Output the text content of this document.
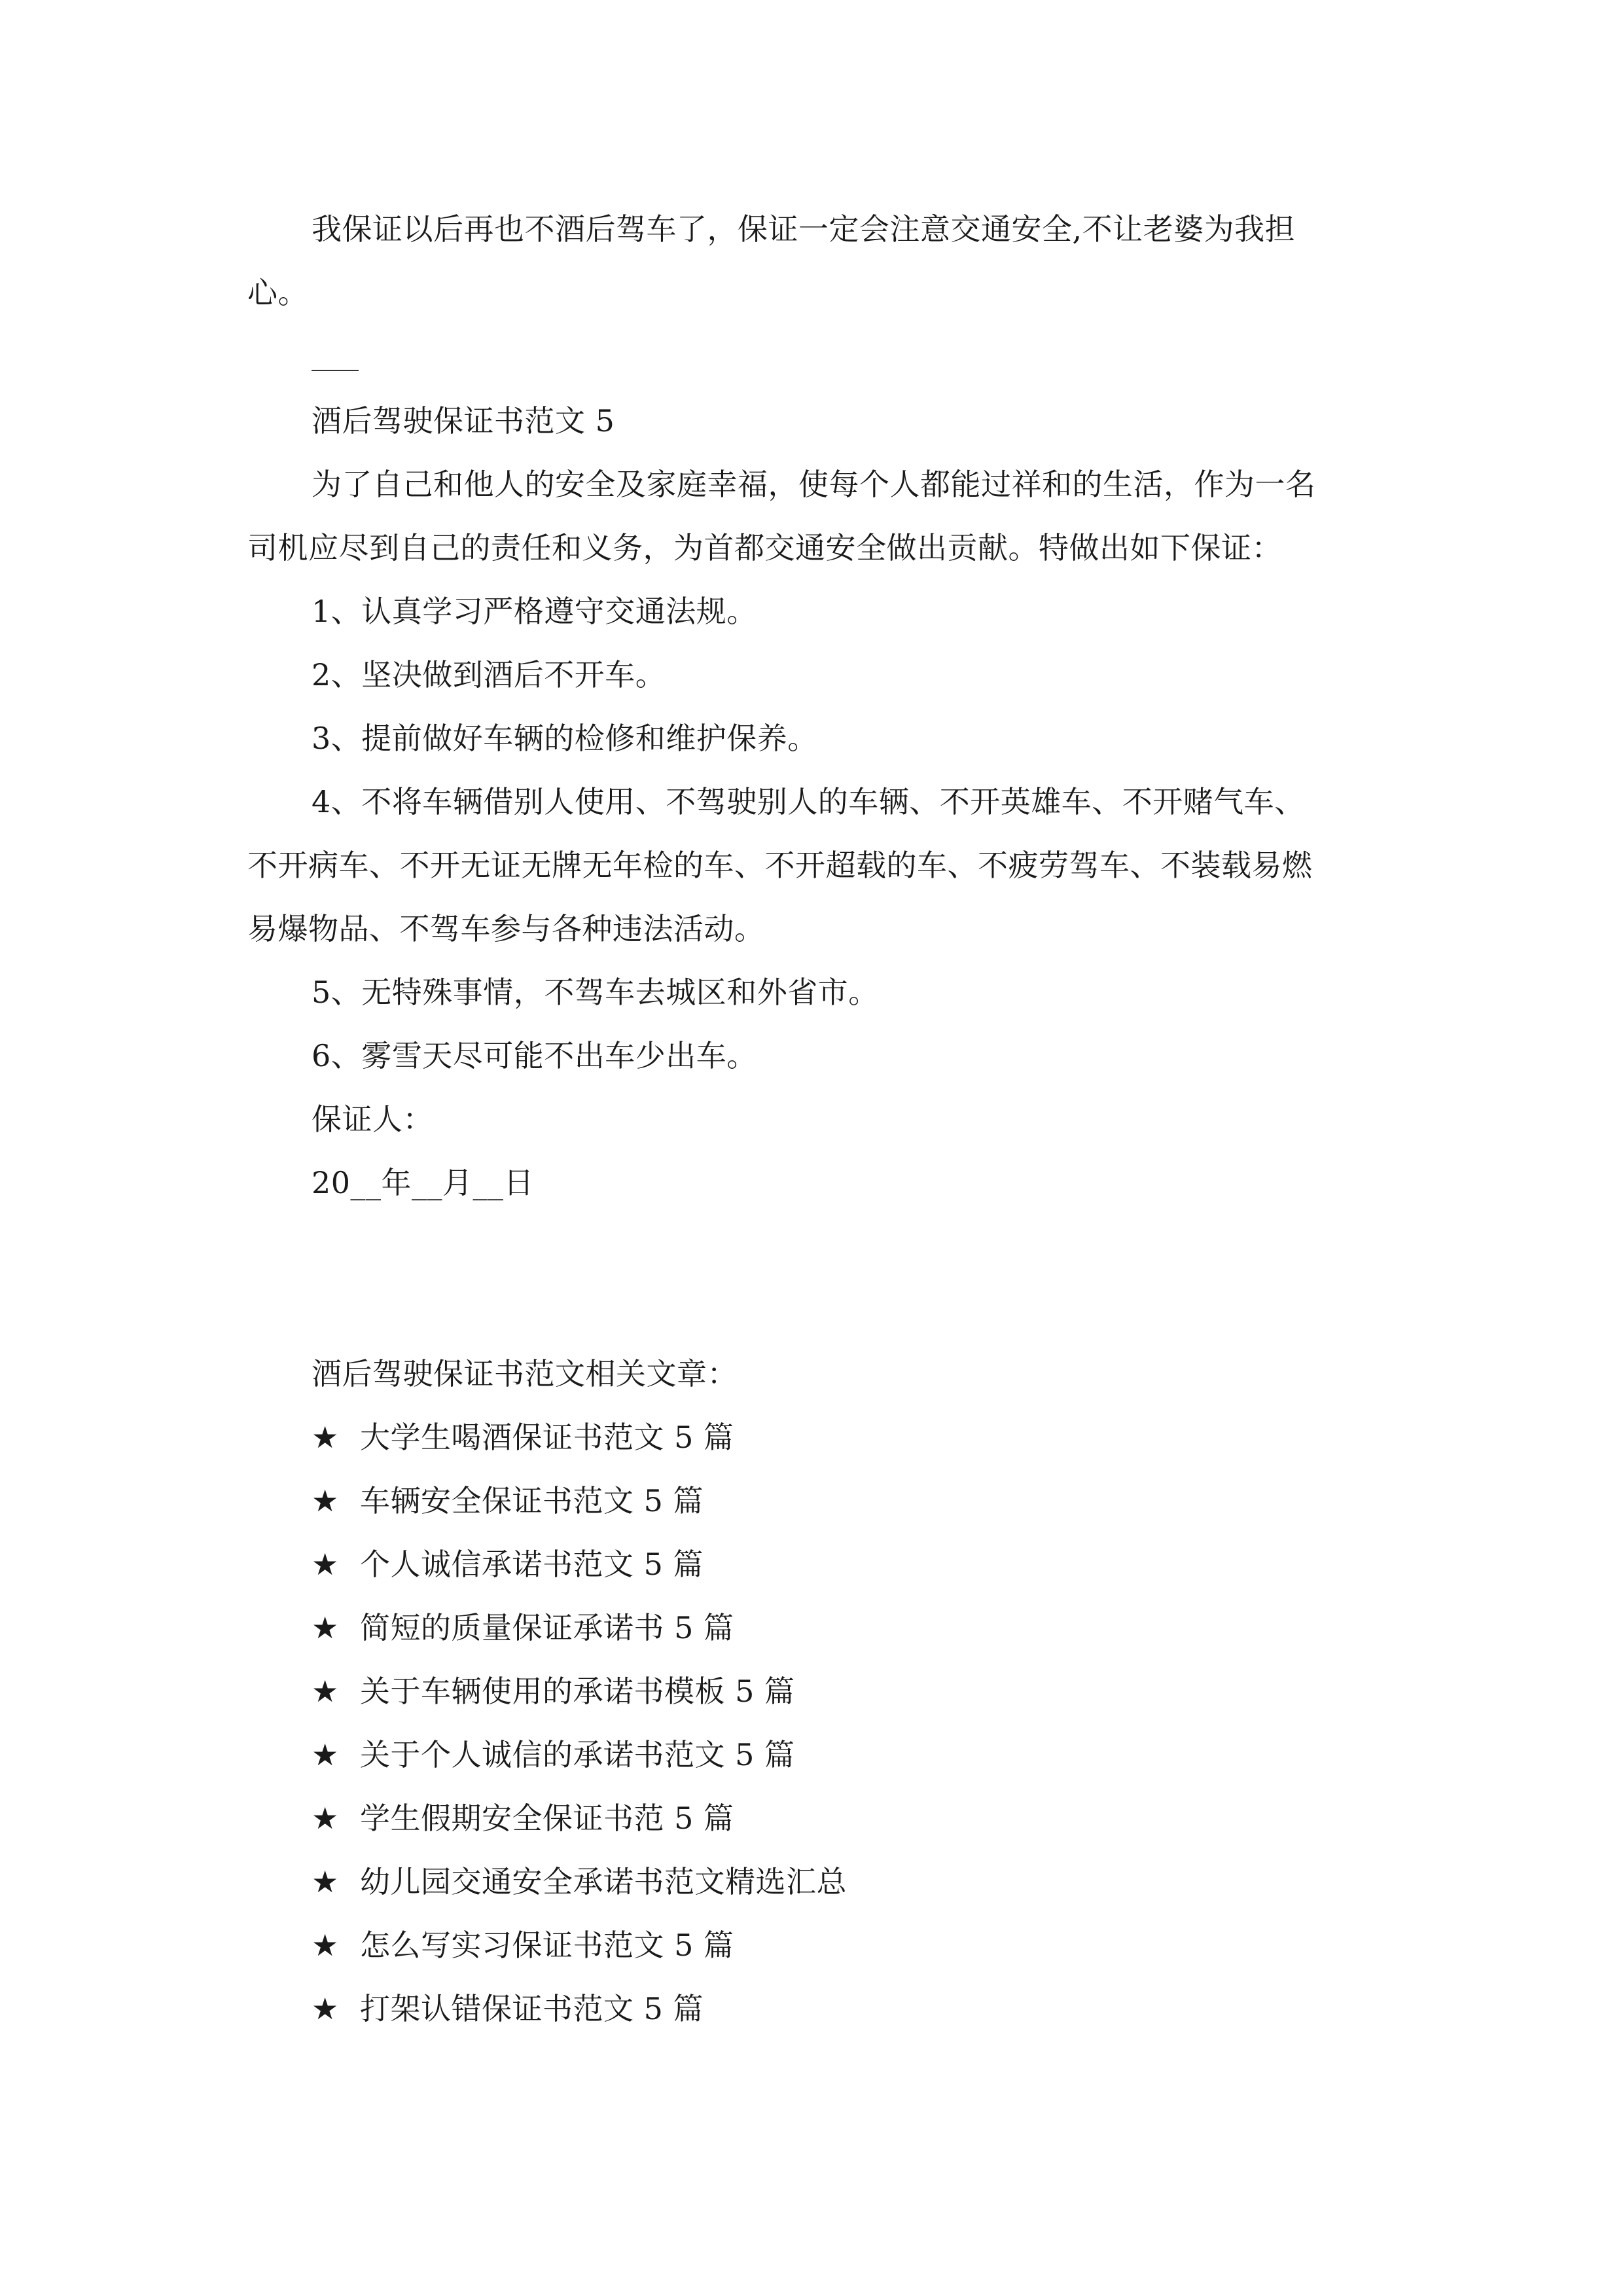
我保证以后再也不酒后驾车了，保证一定会注意交通安全,不让老婆为我担
心。
酒后驾驶保证书范文 5
为了自己和他人的安全及家庭幸福，使每个人都能过祥和的生活，作为一名
司机应尽到自己的责任和义务，为首都交通安全做出贡献。特做出如下保证：
1、认真学习严格遵守交通法规。
2、坚决做到酒后不开车。
3、提前做好车辆的检修和维护保养。
4、不将车辆借别人使用、不驾驶别人的车辆、不开英雄车、不开赌气车、
不开病车、不开无证无牌无年检的车、不开超载的车、不疲劳驾车、不装载易燃
易爆物品、不驾车参与各种违法活动。
5、无特殊事情，不驾车去城区和外省市。
6、雾雪天尽可能不出车少出车。
保证人：
20__年__月__日
酒后驾驶保证书范文相关文章：
★ 大学生喝酒保证书范文 5 篇
★ 车辆安全保证书范文 5 篇
★ 个人诚信承诺书范文 5 篇
★ 简短的质量保证承诺书 5 篇
★ 关于车辆使用的承诺书模板 5 篇
★ 关于个人诚信的承诺书范文 5 篇
★ 学生假期安全保证书范 5 篇
★ 幼儿园交通安全承诺书范文精选汇总
★ 怎么写实习保证书范文 5 篇
★ 打架认错保证书范文 5 篇
